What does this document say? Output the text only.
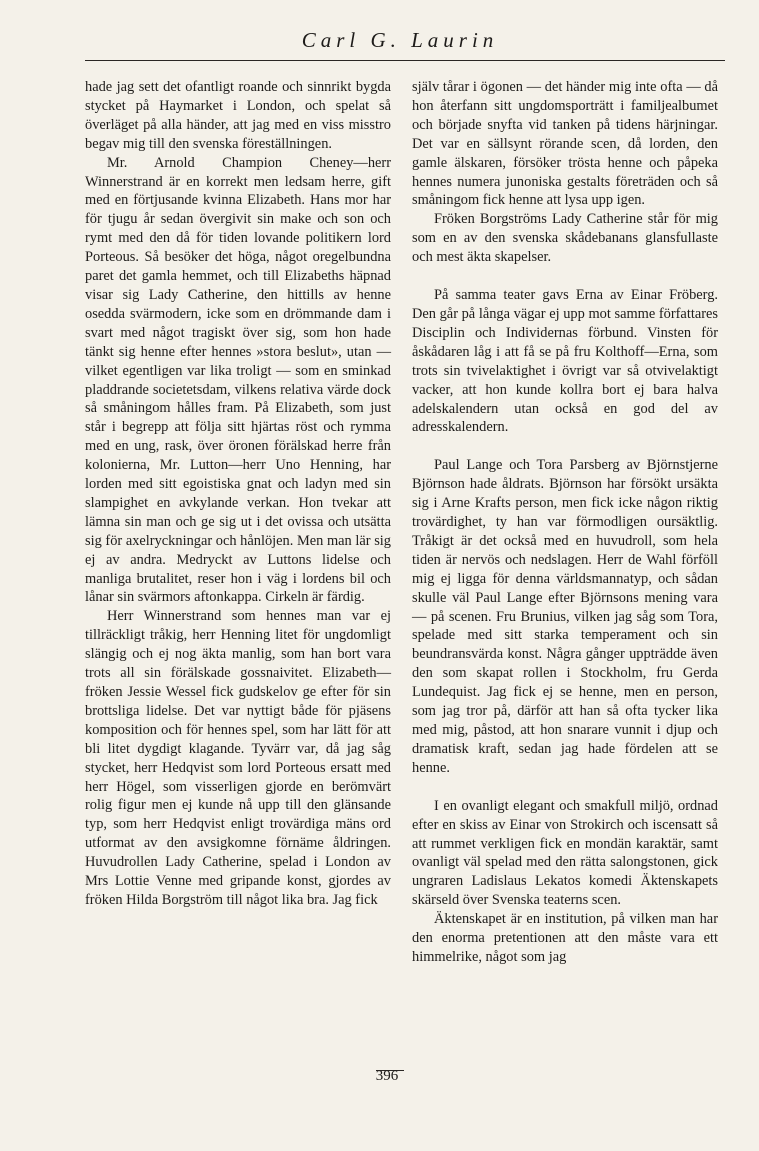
Carl G. Laurin

hade jag sett det ofantligt roande och sinnrikt bygda stycket på Haymarket i London, och spelat så överläget på alla händer, att jag med en viss misstro begav mig till den svenska föreställningen.

Mr. Arnold Champion Cheney—herr Winnerstrand är en korrekt men ledsam herre, gift med en förtjusande kvinna Elizabeth. Hans mor har för tjugu år sedan övergivit sin make och son och rymt med den då för tiden lovande politikern lord Porteous. Så besöker det höga, något oregelbundna paret det gamla hemmet, och till Elizabeths häpnad visar sig Lady Catherine, den hittills av henne osedda svärmodern, icke som en drömmande dam i svart med något tragiskt över sig, som hon hade tänkt sig henne efter hennes »stora beslut», utan — vilket egentligen var lika troligt — som en sminkad pladdrande societetsdam, vilkens relativa värde dock så småningom hålles fram. På Elizabeth, som just står i begrepp att följa sitt hjärtas röst och rymma med en ung, rask, över öronen förälskad herre från kolonierna, Mr. Lutton—herr Uno Henning, har lorden med sitt egoistiska gnat och ladyn med sin slampighet en avkylande verkan. Hon tvekar att lämna sin man och ge sig ut i det ovissa och utsätta sig för axelryckningar och hånlöjen. Men man lär sig ej av andra. Medryckt av Luttons lidelse och manliga brutalitet, reser hon i väg i lordens bil och lånar sin svärmors aftonkappa. Cirkeln är färdig.

Herr Winnerstrand som hennes man var ej tillräckligt tråkig, herr Henning litet för ungdomligt slängig och ej nog äkta manlig, som han bort vara trots all sin förälskade gossnaivitet. Elizabeth—fröken Jessie Wessel fick gudskelov ge efter för sin brottsliga lidelse. Det var nyttigt både för pjäsens komposition och för hennes spel, som har lätt för att bli litet dygdigt klagande. Tyvärr var, då jag såg stycket, herr Hedqvist som lord Porteous ersatt med herr Högel, som visserligen gjorde en berömvärt rolig figur men ej kunde nå upp till den glänsande typ, som herr Hedqvist enligt trovärdiga mäns ord utformat av den avsigkomne förnäme åldringen. Huvudrollen Lady Catherine, spelad i London av Mrs Lottie Venne med gripande konst, gjordes av fröken Hilda Borgström till något lika bra. Jag fick

själv tårar i ögonen — det händer mig inte ofta — då hon återfann sitt ungdomsporträtt i familjealbumet och började snyfta vid tanken på tidens härjningar. Det var en sällsynt rörande scen, då lorden, den gamle älskaren, försöker trösta henne och påpeka hennes numera junoniska gestalts företräden och så småningom fick henne att lysa upp igen.

Fröken Borgströms Lady Catherine står för mig som en av den svenska skådebanans glansfullaste och mest äkta skapelser.

På samma teater gavs Erna av Einar Fröberg. Den går på långa vägar ej upp mot samme författares Disciplin och Individernas förbund. Vinsten för åskådaren låg i att få se på fru Kolthoff—Erna, som trots sin tvivelaktighet i övrigt var så otvivelaktigt vacker, att hon kunde kollra bort ej bara halva adelskalendern utan också en god del av adresskalendern.

Paul Lange och Tora Parsberg av Björnstjerne Björnson hade åldrats. Björnson har försökt ursäkta sig i Arne Krafts person, men fick icke någon riktig trovärdighet, ty han var förmodligen oursäktlig. Tråkigt är det också med en huvudroll, som hela tiden är nervös och nedslagen. Herr de Wahl förföll mig ej ligga för denna världsmannatyp, och sådan skulle väl Paul Lange efter Björnsons mening vara — på scenen. Fru Brunius, vilken jag såg som Tora, spelade med sitt starka temperament och sin beundransvärda konst. Några gånger uppträdde även den som skapat rollen i Stockholm, fru Gerda Lundequist. Jag fick ej se henne, men en person, som jag tror på, därför att han så ofta tycker lika med mig, påstod, att hon snarare vunnit i djup och dramatisk kraft, sedan jag hade fördelen att se henne.

I en ovanligt elegant och smakfull miljö, ordnad efter en skiss av Einar von Strokirch och iscensatt så att rummet verkligen fick en mondän karaktär, samt ovanligt väl spelad med den rätta salongstonen, gick ungraren Ladislaus Lekatos komedi Äktenskapets skärseld över Svenska teaterns scen.

Äktenskapet är en institution, på vilken man har den enorma pretentionen att den måste vara ett himmelrike, något som jag

396
